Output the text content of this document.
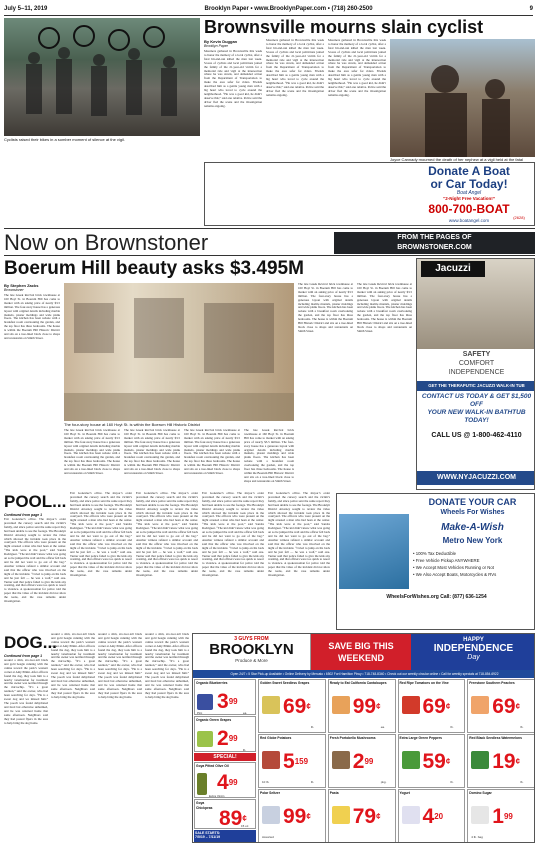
July 5–11, 2019	Brooklyn Paper • www.BrooklynPaper.com • (718) 260-2500	9
Cyclists raised their bikes in a somber moment of silence at the vigil.
Brownsville mourns slain cyclist
By Kevin Duggan
Brooklyn Paper
Mourners gathered in Brownsville this week to honor the memory of a local cyclist, after a fatal hit-and-run killed the man last week. Scores of cyclists and local politicians joined the family of the 21-year-old victim for a memorial ride and vigil at the intersection where he was struck, and demanded action from the Department of Transportation to make the area safer for riders. Friends described him as a gentle young man with a big heart who loved to cycle around the neighborhood. “He was a good kid, he didn’t deserve this,” said one relative. Police said the driver fled the scene and the investigation remains ongoing.
Mourners gathered in Brownsville this week to honor the memory of a local cyclist, after a fatal hit-and-run killed the man last week. Scores of cyclists and local politicians joined the family of the 21-year-old victim for a memorial ride and vigil at the intersection where he was struck, and demanded action from the Department of Transportation to make the area safer for riders. Friends described him as a gentle young man with a big heart who loved to cycle around the neighborhood. “He was a good kid, he didn’t deserve this,” said one relative. Police said the driver fled the scene and the investigation remains ongoing.
Mourners gathered in Brownsville this week to honor the memory of a local cyclist, after a fatal hit-and-run killed the man last week. Scores of cyclists and local politicians joined the family of the 21-year-old victim for a memorial ride and vigil at the intersection where he was struck, and demanded action from the Department of Transportation to make the area safer for riders. Friends described him as a gentle young man with a big heart who loved to cycle around the neighborhood. “He was a good kid, he didn’t deserve this,” said one relative. Police said the driver fled the scene and the investigation remains ongoing.
Joyce Cannady mourned the death of her nephew at a vigil held at the fatal
Donate A Boat
or Car Today!
Boat Angel
“2-Night Free Vacation!”
800-700-BOAT
(2628)
www.boatangel.com
Now on Brownstoner	FROM THE PAGES OF
BROWNSTONER.COM
Boerum Hill beauty asks $3.495M
By Stephen Zacks
Brownstoner
The late Greek Revival brick townhouse at 160 Hoyt St. in Boerum Hill has come to market with an asking price of nearly $3.5 million. The four-story house has a generous layout with original details including marble mantels, plaster moldings and wide plank floors. The kitchen has been redone with a breakfast room overlooking the garden, and the top floor has three bedrooms. The house is within the Boerum Hill Historic District and sits on a tree-lined block close to shops and restaurants on Smith Street.
The four-story house at 160 Hoyt St. is within the Boerum Hill Historic District
The late Greek Revival brick townhouse at 160 Hoyt St. in Boerum Hill has come to market with an asking price of nearly $3.5 million. The four-story house has a generous layout with original details including marble mantels, plaster moldings and wide plank floors. The kitchen has been redone with a breakfast room overlooking the garden, and the top floor has three bedrooms. The house is within the Boerum Hill Historic District and sits on a tree-lined block close to shops and restaurants on Smith Street.
The late Greek Revival brick townhouse at 160 Hoyt St. in Boerum Hill has come to market with an asking price of nearly $3.5 million. The four-story house has a generous layout with original details including marble mantels, plaster moldings and wide plank floors. The kitchen has been redone with a breakfast room overlooking the garden, and the top floor has three bedrooms. The house is within the Boerum Hill Historic District and sits on a tree-lined block close to shops and restaurants on Smith Street.
The late Greek Revival brick townhouse at 160 Hoyt St. in Boerum Hill has come to market with an asking price of nearly $3.5 million. The four-story house has a generous layout with original details including marble mantels, plaster moldings and wide plank floors. The kitchen has been redone with a breakfast room overlooking the garden, and the top floor has three bedrooms. The house is within the Boerum Hill Historic District and sits on a tree-lined block close to shops and restaurants on Smith Street.
The late Greek Revival brick townhouse at 160 Hoyt St. in Boerum Hill has come to market with an asking price of nearly $3.5 million. The four-story house has a generous layout with original details including marble mantels, plaster moldings and wide plank floors. The kitchen has been redone with a breakfast room overlooking the garden, and the top floor has three bedrooms. The house is within the Boerum Hill Historic District and sits on a tree-lined block close to shops and restaurants on Smith Street.
The late Greek Revival brick townhouse at 160 Hoyt St. in Boerum Hill has come to market with an asking price of nearly $3.5 million. The four-story house has a generous layout with original details including marble mantels, plaster moldings and wide plank floors. The kitchen has been redone with a breakfast room overlooking the garden, and the top floor has three bedrooms. The house is within the Boerum Hill Historic District and sits on a tree-lined block close to shops and restaurants on Smith Street.
The late Greek Revival brick townhouse at 160 Hoyt St. in Boerum Hill has come to market with an asking price of nearly $3.5 million. The four-story house has a generous layout with original details including marble mantels, plaster moldings and wide plank floors. The kitchen has been redone with a breakfast room overlooking the garden, and the top floor has three bedrooms. The house is within the Boerum Hill Historic District and sits on a tree-lined block close to shops and restaurants on Smith Street.
Jacuzzi
SAFETY
COMFORT
INDEPENDENCE
GET THE THERAPUTIC JACUZZI WALK-IN TUB
CONTACT US TODAY & GET $1,500 OFF
YOUR NEW WALK-IN BATHTUB TODAY!
CALL US @ 1-800-462-4110
WWW.NYJACUZZI.COM
POOL...
Continued from page 1
Eric Gonzalez’s office. The mayor’s order prevented the cursory search and the victim’s family, and since police sent the same report they had been unable to see the footage. The Brooklyn District Attorney sought to review the video which showed the incident took place in the courtyard. The officers who were present on the night arrested a man who had been at the center. “The kids were at the pool,” said Sandra Rodriguez. “The kid didn’t know what was going on so he jumped the wall and the officer fell back and he did not want to go out of the bag.” Another witness refuted a similar account and said that the officer who was involved on the night of the incident. “I tried to jump on his back and he just fell — he was a wolf,” said one. Turner said that police failed to give the kids any warning, and that officers were too quick to resort to violence. A spokeswoman for police told the paper that the video of the incident did not show the teens, and the case remains under investigation.
Eric Gonzalez’s office. The mayor’s order prevented the cursory search and the victim’s family, and since police sent the same report they had been unable to see the footage. The Brooklyn District Attorney sought to review the video which showed the incident took place in the courtyard. The officers who were present on the night arrested a man who had been at the center. “The kids were at the pool,” said Sandra Rodriguez. “The kid didn’t know what was going on so he jumped the wall and the officer fell back and he did not want to go out of the bag.” Another witness refuted a similar account and said that the officer who was involved on the night of the incident. “I tried to jump on his back and he just fell — he was a wolf,” said one. Turner said that police failed to give the kids any warning, and that officers were too quick to resort to violence. A spokeswoman for police told the paper that the video of the incident did not show the teens, and the case remains under investigation.
Eric Gonzalez’s office. The mayor’s order prevented the cursory search and the victim’s family, and since police sent the same report they had been unable to see the footage. The Brooklyn District Attorney sought to review the video which showed the incident took place in the courtyard. The officers who were present on the night arrested a man who had been at the center. “The kids were at the pool,” said Sandra Rodriguez. “The kid didn’t know what was going on so he jumped the wall and the officer fell back and he did not want to go out of the bag.” Another witness refuted a similar account and said that the officer who was involved on the night of the incident. “I tried to jump on his back and he just fell — he was a wolf,” said one. Turner said that police failed to give the kids any warning, and that officers were too quick to resort to violence. A spokeswoman for police told the paper that the video of the incident did not show the teens, and the case remains under investigation.
Eric Gonzalez’s office. The mayor’s order prevented the cursory search and the victim’s family, and since police sent the same report they had been unable to see the footage. The Brooklyn District Attorney sought to review the video which showed the incident took place in the courtyard. The officers who were present on the night arrested a man who had been at the center. “The kids were at the pool,” said Sandra Rodriguez. “The kid didn’t know what was going on so he jumped the wall and the officer fell back and he did not want to go out of the bag.” Another witness refuted a similar account and said that the officer who was involved on the night of the incident. “I tried to jump on his back and he just fell — he was a wolf,” said one. Turner said that police failed to give the kids any warning, and that officers were too quick to resort to violence. A spokeswoman for police told the paper that the video of the incident did not show the teens, and the case remains under investigation.
Eric Gonzalez’s office. The mayor’s order prevented the cursory search and the victim’s family, and since police sent the same report they had been unable to see the footage. The Brooklyn District Attorney sought to review the video which showed the incident took place in the courtyard. The officers who were present on the night arrested a man who had been at the center. “The kids were at the pool,” said Sandra Rodriguez. “The kid didn’t know what was going on so he jumped the wall and the officer fell back and he did not want to go out of the bag.” Another witness refuted a similar account and said that the officer who was involved on the night of the incident. “I tried to jump on his back and he just fell — he was a wolf,” said one. Turner said that police failed to give the kids any warning, and that officers were too quick to resort to violence. A spokeswoman for police told the paper that the video of the incident did not show the teens, and the case remains under investigation.
DONATE YOUR CAR
Wheels For Wishes
Make-A-Wish
Metro New York
• 100% Tax Deductible
• Free Vehicle Pickup ANYWHERE
• We Accept Most Vehicles Running or Not
• We Also Accept Boats, Motorcycles & RVs
WheelsForWishes.org Call: (877) 636-1254
DOG...
Continued from page 1
around a slim, six-foot-tall black and gold beagle running with the canine toward the park’s western corner at Amy Pilkin. After officers found the dog, they took him to a nearby veterinarian for treatment and the owner was notified through the microchip. “It’s a great reunion,” said the owner, who had been searching for days. “He is a sweet dog and we missed him.” The pooch was found dehydrated and tired but otherwise unharmed, and he was returned home that same afternoon. Neighbors said they had posted flyers in the area to help bring the dog home.
around a slim, six-foot-tall black and gold beagle running with the canine toward the park’s western corner at Amy Pilkin. After officers found the dog, they took him to a nearby veterinarian for treatment and the owner was notified through the microchip. “It’s a great reunion,” said the owner, who had been searching for days. “He is a sweet dog and we missed him.” The pooch was found dehydrated and tired but otherwise unharmed, and he was returned home that same afternoon. Neighbors said they had posted flyers in the area to help bring the dog home.
around a slim, six-foot-tall black and gold beagle running with the canine toward the park’s western corner at Amy Pilkin. After officers found the dog, they took him to a nearby veterinarian for treatment and the owner was notified through the microchip. “It’s a great reunion,” said the owner, who had been searching for days. “He is a sweet dog and we missed him.” The pooch was found dehydrated and tired but otherwise unharmed, and he was returned home that same afternoon. Neighbors said they had posted flyers in the area to help bring the dog home.
around a slim, six-foot-tall black and gold beagle running with the canine toward the park’s western corner at Amy Pilkin. After officers found the dog, they took him to a nearby veterinarian for treatment and the owner was notified through the microchip. “It’s a great reunion,” said the owner, who had been searching for days. “He is a sweet dog and we missed him.” The pooch was found dehydrated and tired but otherwise unharmed, and he was returned home that same afternoon. Neighbors said they had posted flyers in the area to help bring the dog home.
3 GUYS FROM
BROOKLYN
Produce & More
SAVE BIG THIS WEEKEND
HAPPY
INDEPENDENCE
Day
Open 24/7 • 5 Star Pick-up Available • Online Delivery by Mercato • 6502 Fort Hamilton Pkwy • 718-748-8340 • Check out our weekly circular online • Call for weekly specials at 718-854-6922
Organic Blueberries
$3^{99}$
Pint	ea.
Organic Green Grapes
$2^{99}$
lb.
SPECIAL!
Goya Pitted Olive Oil
$4^{99}$
Extra Virgin
Goya
Chickpeas 89¢
15 oz.
SALE STARTS:
7/5/19 – 7/11/19
Golden Sweet Seedless Grapes
69¢
lb.
Ready to Eat California Cantaloupes
99¢
ea.
Red Ripe Tomatoes on the Vine
69¢
lb.
Freestone Southern Peaches
69¢
lb.
Red Globe Potatoes
$5^{159}$
lb.
10 lb.
Fresh Portobello Mushrooms
$2^{99}$
pkg.
Extra Large Green Peppers
59¢
lb.
Red Black Seedless Watermelons
19¢
lb.
Polar Seltzer
99¢
Assorted
Pasta
79¢
Yogurt
$4^{20}$
Domino Sugar
$1^{99}$
4 lb. bag
